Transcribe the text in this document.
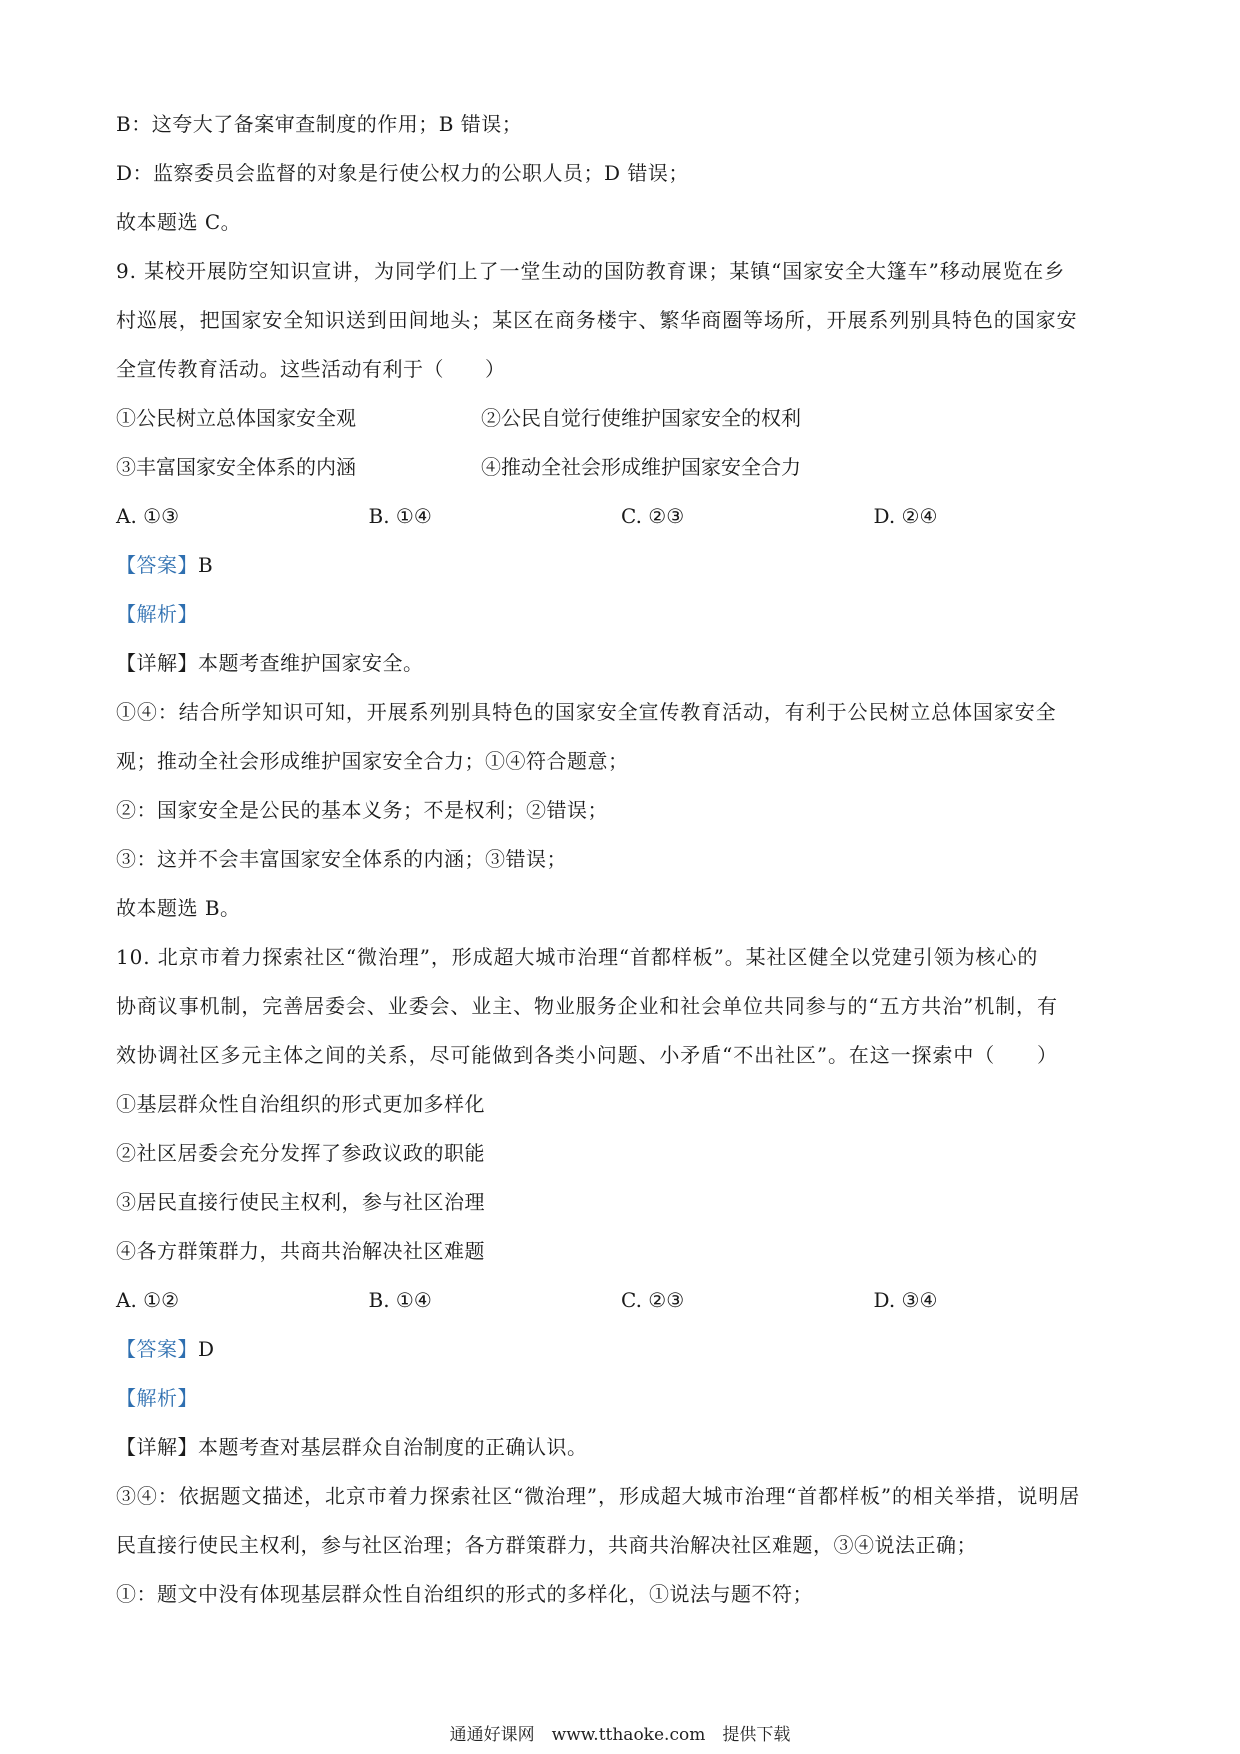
B：这夸大了备案审查制度的作用；B 错误；
D：监察委员会监督的对象是行使公权力的公职人员；D 错误；
故本题选 C。
9. 某校开展防空知识宣讲，为同学们上了一堂生动的国防教育课；某镇“国家安全大篷车”移动展览在乡
村巡展，把国家安全知识送到田间地头；某区在商务楼宇、繁华商圈等场所，开展系列别具特色的国家安
全宣传教育活动。这些活动有利于（　　）
①公民树立总体国家安全观	②公民自觉行使维护国家安全的权利
③丰富国家安全体系的内涵	④推动全社会形成维护国家安全合力
A. ①③	B. ①④	C. ②③	D. ②④
【答案】B
【解析】
【详解】本题考查维护国家安全。
①④：结合所学知识可知，开展系列别具特色的国家安全宣传教育活动，有利于公民树立总体国家安全
观；推动全社会形成维护国家安全合力；①④符合题意；
②：国家安全是公民的基本义务；不是权利；②错误；
③：这并不会丰富国家安全体系的内涵；③错误；
故本题选 B。
10. 北京市着力探索社区“微治理”，形成超大城市治理“首都样板”。某社区健全以党建引领为核心的
协商议事机制，完善居委会、业委会、业主、物业服务企业和社会单位共同参与的“五方共治”机制，有
效协调社区多元主体之间的关系，尽可能做到各类小问题、小矛盾“不出社区”。在这一探索中（　　）
①基层群众性自治组织的形式更加多样化
②社区居委会充分发挥了参政议政的职能
③居民直接行使民主权利，参与社区治理
④各方群策群力，共商共治解决社区难题
A. ①②	B. ①④	C. ②③	D. ③④
【答案】D
【解析】
【详解】本题考查对基层群众自治制度的正确认识。
③④：依据题文描述，北京市着力探索社区“微治理”，形成超大城市治理“首都样板”的相关举措，说明居
民直接行使民主权利，参与社区治理；各方群策群力，共商共治解决社区难题，③④说法正确；
①：题文中没有体现基层群众性自治组织的形式的多样化，①说法与题不符；
通通好课网　www.tthaoke.com　提供下载
